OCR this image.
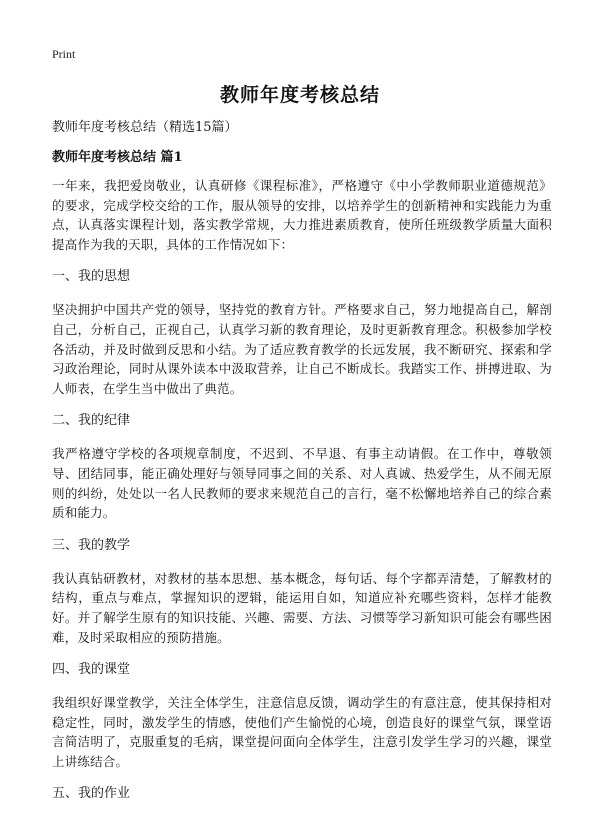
Print
教师年度考核总结
教师年度考核总结（精选15篇）
教师年度考核总结 篇1

一年来，我把爱岗敬业，认真研修《课程标准》，严格遵守《中小学教师职业道德规范》的要求，完成学校交给的工作，服从领导的安排，以培养学生的创新精神和实践能力为重点，认真落实课程计划，落实教学常规，大力推进素质教育，使所任班级教学质量大面积提高作为我的天职，具体的工作情况如下：

一、我的思想

坚决拥护中国共产党的领导，坚持党的教育方针。严格要求自己，努力地提高自己，解剖自己，分析自己，正视自己，认真学习新的教育理论，及时更新教育理念。积极参加学校各活动，并及时做到反思和小结。为了适应教育教学的长远发展，我不断研究、探索和学习政治理论，同时从课外读本中汲取营养，让自己不断成长。我踏实工作、拼搏进取、为人师表，在学生当中做出了典范。

二、我的纪律

我严格遵守学校的各项规章制度，不迟到、不早退、有事主动请假。在工作中，尊敬领导、团结同事，能正确处理好与领导同事之间的关系、对人真诚、热爱学生，从不闹无原则的纠纷，处处以一名人民教师的要求来规范自己的言行，毫不松懈地培养自己的综合素质和能力。

三、我的教学

我认真钻研教材，对教材的基本思想、基本概念，每句话、每个字都弄清楚，了解教材的结构，重点与难点，掌握知识的逻辑，能运用自如，知道应补充哪些资料，怎样才能教好。并了解学生原有的知识技能、兴趣、需要、方法、习惯等学习新知识可能会有哪些困难，及时采取相应的预防措施。

四、我的课堂

我组织好课堂教学，关注全体学生，注意信息反馈，调动学生的有意注意，使其保持相对稳定性，同时，激发学生的情感，使他们产生愉悦的心境，创造良好的课堂气氛，课堂语言简洁明了，克服重复的毛病，课堂提问面向全体学生，注意引发学生学习的兴趣，课堂上讲练结合。

五、我的作业
